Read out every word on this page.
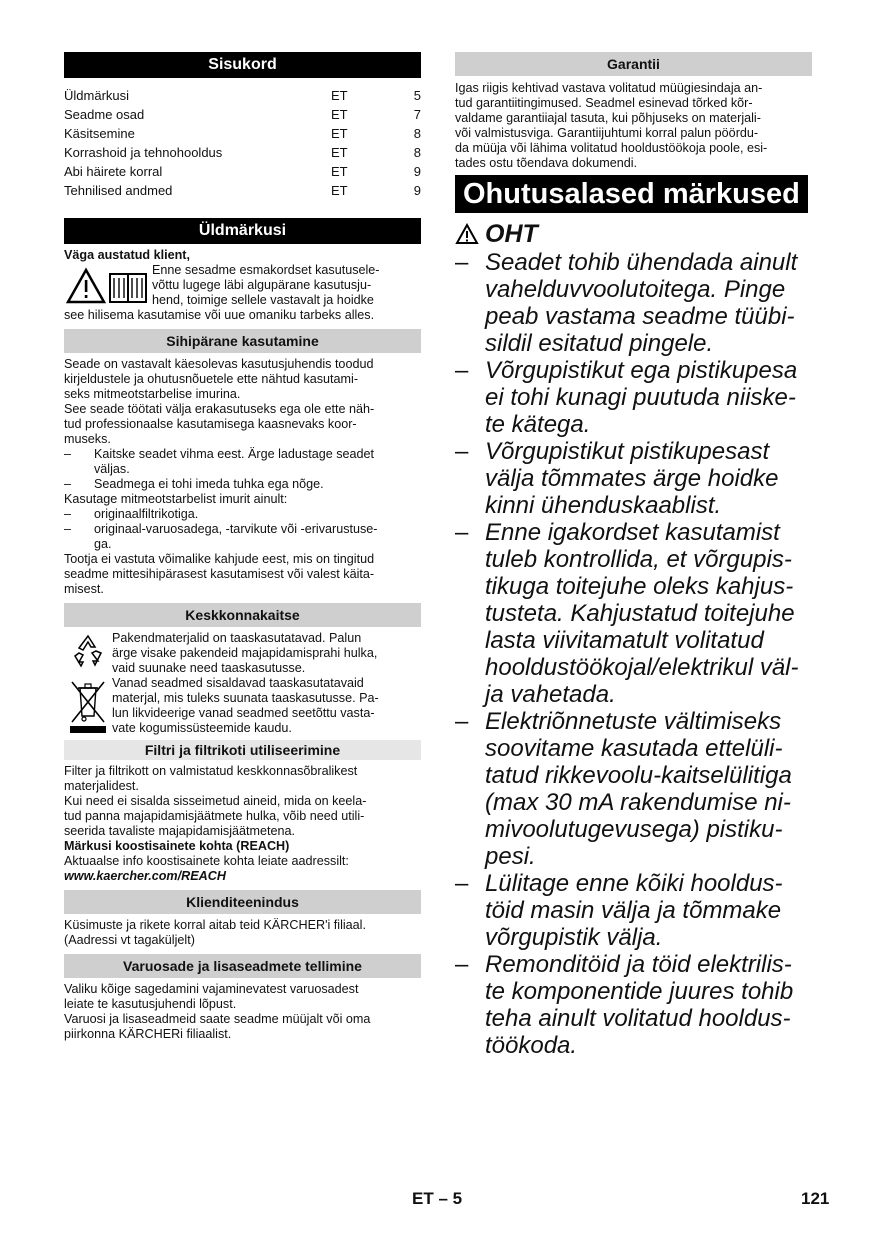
Sisukord
Üldmärkusi	ET	5
Seadme osad	ET	7
Käsitsemine	ET	8
Korrashoid ja tehnohooldus	ET	8
Abi häirete korral	ET	9
Tehnilised andmed	ET	9
Üldmärkusi

Väga austatud klient,

Enne sesadme esmakordset kasutusele-

võttu lugege läbi algupärane kasutusju-

hend, toimige sellele vastavalt ja hoidke

see hilisema kasutamise või uue omaniku tarbeks alles.

Sihipärane kasutamine

Seade on vastavalt käesolevas kasutusjuhendis toodud

kirjeldustele ja ohutusnõuetele ette nähtud kasutami-

seks mitmeotstarbelise imurina.

See seade töötati välja erakasutuseks ega ole ette näh-

tud professionaalse kasutamisega kaasnevaks koor-

museks.

–	Kaitske seadet vihma eest. Ärge ladustage seadet
väljas.
–	Seadmega ei tohi imeda tuhka ega nõge.

Kasutage mitmeotstarbelist imurit ainult:

–	originaalfiltrikotiga.
–	originaal-varuosadega, -tarvikute või -erivarustuse-
ga.

Tootja ei vastuta võimalike kahjude eest, mis on tingitud

seadme mittesihipärasest kasutamisest või valest käita-

misest.

Keskkonnakaitse

Pakendmaterjalid on taaskasutatavad. Palun

ärge visake pakendeid majapidamisprahi hulka,

vaid suunake need taaskasutusse.

Vanad seadmed sisaldavad taaskasutatavaid

materjal, mis tuleks suunata taaskasutusse. Pa-

lun likvideerige vanad seadmed seetõttu vasta-

vate kogumissüsteemide kaudu.

Filtri ja filtrikoti utiliseerimine

Filter ja filtrikott on valmistatud keskkonnasõbralikest

materjalidest.

Kui need ei sisalda sisseimetud aineid, mida on keela-

tud panna majapidamisjäätmete hulka, võib need utili-

seerida tavaliste majapidamisjäätmetena.

Märkusi koostisainete kohta (REACH)

Aktuaalse info koostisainete kohta leiate aadressilt:

www.kaercher.com/REACH

Klienditeenindus

Küsimuste ja rikete korral aitab teid KÄRCHER'i filiaal.

(Aadressi vt tagaküljelt)

Varuosade ja lisaseadmete tellimine

Valiku kõige sagedamini vajaminevatest varuosadest

leiate te kasutusjuhendi lõpust.

Varuosi ja lisaseadmeid saate seadme müüjalt või oma

piirkonna KÄRCHERi filiaalist.

Garantii

Igas riigis kehtivad vastava volitatud müügiesindaja an-

tud garantiitingimused. Seadmel esinevad tõrked kõr-

valdame garantiiajal tasuta, kui põhjuseks on materjali-

või valmistusviga. Garantiijuhtumi korral palun pöördu-

da müüja või lähima volitatud hooldustöökoja poole, esi-

tades ostu tõendava dokumendi.

Ohutusalased märkused
OHT
– Seadet tohib ühendada ainult
vahelduvvoolutoitega. Pinge
peab vastama seadme tüübi-
sildil esitatud pingele.
– Võrgupistikut ega pistikupesa
ei tohi kunagi puutuda niiske-
te kätega.
– Võrgupistikut pistikupesast
välja tõmmates ärge hoidke
kinni ühenduskaablist.
– Enne igakordset kasutamist
tuleb kontrollida, et võrgupis-
tikuga toitejuhe oleks kahjus-
tusteta. Kahjustatud toitejuhe
lasta viivitamatult volitatud
hooldustöökojal/elektrikul väl-
ja vahetada.
– Elektriõnnetuste vältimiseks
soovitame kasutada ettelüli-
tatud rikkevoolu-kaitselülitiga
(max 30 mA rakendumise ni-
mivoolutugevusega) pistiku-
pesi.
– Lülitage enne kõiki hooldus-
töid masin välja ja tõmmake
võrgupistik välja.
– Remonditöid ja töid elektrilis-
te komponentide juures tohib
teha ainult volitatud hooldus-
töökoda.
ET – 5	121
